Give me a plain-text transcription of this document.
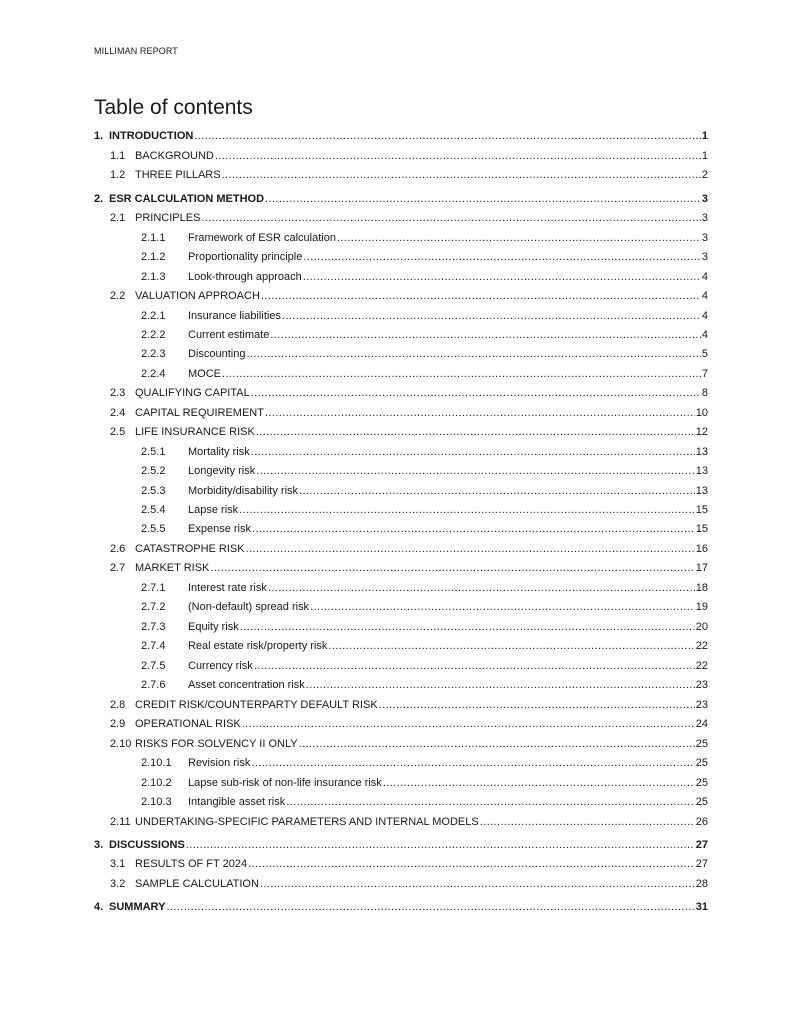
MILLIMAN REPORT
Table of contents
1. INTRODUCTION .....	1
1.1 BACKGROUND .....	1
1.2 THREE PILLARS .....	2
2. ESR CALCULATION METHOD .....	3
2.1 PRINCIPLES .....	3
2.1.1	Framework of ESR calculation .....	3
2.1.2	Proportionality principle .....	3
2.1.3	Look-through approach .....	4
2.2 VALUATION APPROACH .....	4
2.2.1	Insurance liabilities .....	4
2.2.2	Current estimate .....	4
2.2.3	Discounting .....	5
2.2.4	MOCE .....	7
2.3 QUALIFYING CAPITAL .....	8
2.4 CAPITAL REQUIREMENT .....	10
2.5 LIFE INSURANCE RISK .....	12
2.5.1	Mortality risk .....	13
2.5.2	Longevity risk .....	13
2.5.3	Morbidity/disability risk .....	13
2.5.4	Lapse risk .....	15
2.5.5	Expense risk .....	15
2.6 CATASTROPHE RISK .....	16
2.7 MARKET RISK .....	17
2.7.1	Interest rate risk .....	18
2.7.2	(Non-default) spread risk .....	19
2.7.3	Equity risk .....	20
2.7.4	Real estate risk/property risk .....	22
2.7.5	Currency risk .....	22
2.7.6	Asset concentration risk .....	23
2.8 CREDIT RISK/COUNTERPARTY DEFAULT RISK .....	23
2.9 OPERATIONAL RISK .....	24
2.10 RISKS FOR SOLVENCY II ONLY .....	25
2.10.1	Revision risk .....	25
2.10.2	Lapse sub-risk of non-life insurance risk .....	25
2.10.3	Intangible asset risk .....	25
2.11 UNDERTAKING-SPECIFIC PARAMETERS AND INTERNAL MODELS .....	26
3. DISCUSSIONS .....	27
3.1 RESULTS OF FT 2024 .....	27
3.2 SAMPLE CALCULATION .....	28
4. SUMMARY .....	31
